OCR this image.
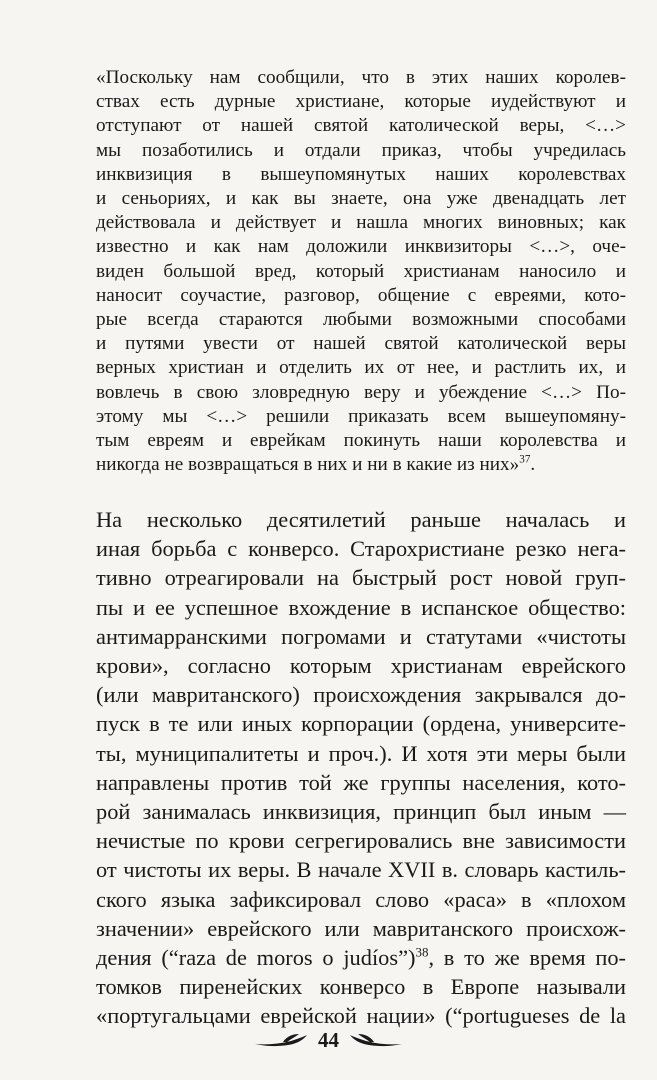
«Поскольку нам сообщили, что в этих наших королев-
ствах есть дурные христиане, которые иудействуют и
отступают от нашей святой католической веры, <…>
мы позаботились и отдали приказ, чтобы учредилась
инквизиция в вышеупомянутых наших королевствах
и сеньориях, и как вы знаете, она уже двенадцать лет
действовала и действует и нашла многих виновных; как
известно и как нам доложили инквизиторы <…>, оче-
виден большой вред, который христианам наносило и
наносит соучастие, разговор, общение с евреями, кото-
рые всегда стараются любыми возможными способами
и путями увести от нашей святой католической веры
верных христиан и отделить их от нее, и растлить их, и
вовлечь в свою зловредную веру и убеждение <…> По-
этому мы <…> решили приказать всем вышеупомяну-
тым евреям и еврейкам покинуть наши королевства и
никогда не возвращаться в них и ни в какие из них»$^{37}$.
На несколько десятилетий раньше началась и
иная борьба с конверсо. Старохристиане резко нега-
тивно отреагировали на быстрый рост новой груп-
пы и ее успешное вхождение в испанское общество:
антимарранскими погромами и статутами «чистоты
крови», согласно которым христианам еврейского
(или мавританского) происхождения закрывался до-
пуск в те или иных корпорации (ордена, университе-
ты, муниципалитеты и проч.). И хотя эти меры были
направлены против той же группы населения, кото-
рой занималась инквизиция, принцип был иным —
нечистые по крови сегрегировались вне зависимости
от чистоты их веры. В начале XVII в. словарь кастиль-
ского языка зафиксировал слово «раса» в «плохом
значении» еврейского или мавританского происхож-
дения (“raza de moros o judíos”)$^{38}$, в то же время по-
томков пиренейских конверсо в Европе называли
«португальцами еврейской нации» (“portugueses de la
44
